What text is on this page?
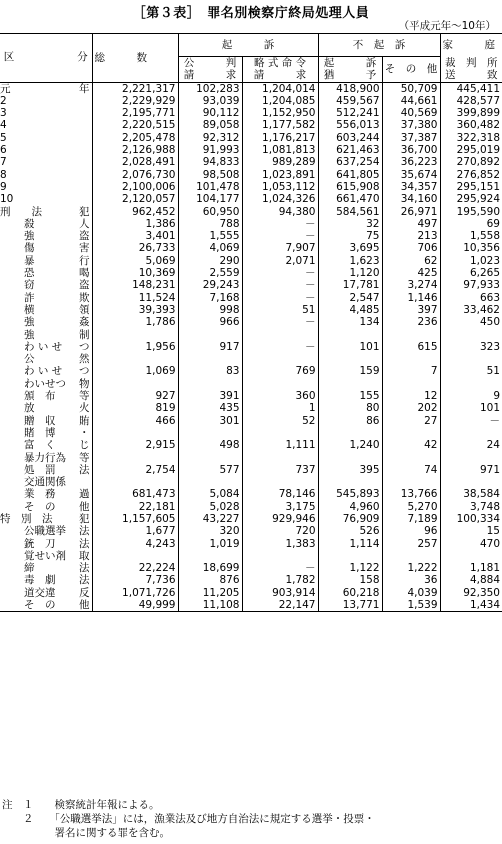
［第３表］　罪名別検察庁終局処理人員
（平成元年～10年）
区　　　　　　分	総　　　数	起　　　訴		不　起　訴		家　　　庭
		公　　　判	略 式 命 令	起　　　訴	そ　の　他	裁　判　所
		請　　　求	請　　　求	猶　　　予		送　　　致

元 年	2,221,317	102,283	1,204,014	418,900	50,709	445,411

2	2,229,929	93,039	1,204,085	459,567	44,661	428,577

3	2,195,771	90,112	1,152,950	512,241	40,569	399,899

4	2,220,515	89,058	1,177,582	556,013	37,380	360,482

5	2,205,478	92,312	1,176,217	603,244	37,387	322,318

6	2,126,988	91,993	1,081,813	621,463	36,700	295,019

7	2,028,491	94,833	989,289	637,254	36,223	270,892

8	2,076,730	98,508	1,023,891	641,805	35,674	276,852

9	2,100,006	101,478	1,053,112	615,908	34,357	295,151

10	2,120,057	104,177	1,024,326	661,470	34,160	295,924

刑　　法 犯	962,452	60,950	94,380	584,561	26,971	195,590

殺 人	1,386	788	－	32	497	69

強 盗	3,401	1,555	－	75	213	1,558

傷 害	26,733	4,069	7,907	3,695	706	10,356

暴 行	5,069	290	2,071	1,623	62	1,023

恐 喝	10,369	2,559	－	1,120	425	6,265

窃 盗	148,231	29,243	－	17,781	3,274	97,933

詐 欺	11,524	7,168	－	2,547	1,146	663

横 領	39,393	998	51	4,485	397	33,462

強 姦	1,786	966	－	134	236	450

強 制
わ い せ つ	1,956	917	－	101	615	323

公 然
わ い せ つ	1,069	83	769	159	7	51

わいせつ 物
頒　布 等	927	391	360	155	12	9

放 火	819	435	1	80	202	101

贈　収 賄	466	301	52	86	27	－

賭　博 ・
富　く じ	2,915	498	1,111	1,240	42	24

暴力行為 等
処　罰 法	2,754	577	737	395	74	971

交通関係
業　務 過	681,473	5,084	78,146	545,893	13,766	38,584

そ　の 他	22,181	5,028	3,175	4,960	5,270	3,748

特　別　法 犯	1,157,605	43,227	929,946	76,909	7,189	100,334

公職選挙 法	1,677	320	720	526	96	15

銃　刀 法	4,243	1,019	1,383	1,114	257	470

覚せい剤 取
締 法	22,224	18,699	－	1,122	1,222	1,181

毒　劇 法	7,736	876	1,782	158	36	4,884

道交違 反	1,071,726	11,205	903,914	60,218	4,039	92,350

そ　の 他	49,999	11,108	22,147	13,771	1,539	1,434
注　１　　検察統計年報による。
　　２　　「公職選挙法」には，漁業法及び地方自治法に規定する選挙・投票・
　　　　　署名に関する罪を含む。
